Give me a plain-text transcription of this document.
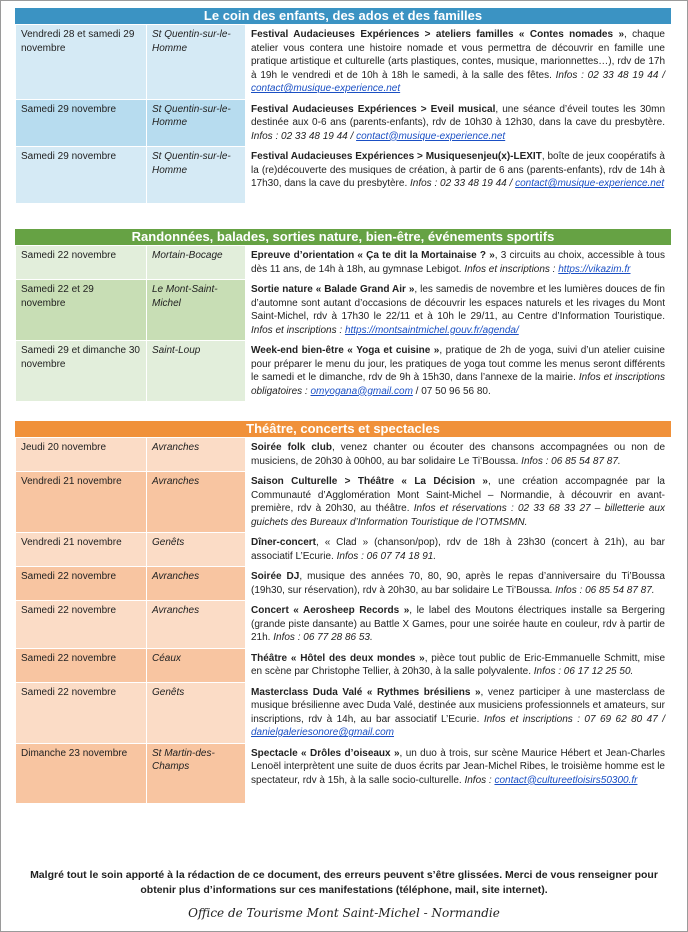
Le coin des enfants, des ados et des familles
Vendredi 28 et samedi 29 novembre	St Quentin-sur-le-Homme	Festival Audacieuses Expériences > ateliers familles « Contes nomades », chaque atelier vous contera une histoire nomade et vous permettra de découvrir en famille une pratique artistique et culturelle (arts plastiques, contes, musique, marionnettes…), rdv de 17h à 19h le vendredi et de 10h à 18h le samedi, à la salle des fêtes. Infos : 02 33 48 19 44 / contact@musique-experience.net
Samedi 29 novembre	St Quentin-sur-le-Homme	Festival Audacieuses Expériences > Eveil musical, une séance d’éveil toutes les 30mn destinée aux 0-6 ans (parents-enfants), rdv de 10h30 à 12h30, dans la cave du presbytère. Infos : 02 33 48 19 44 / contact@musique-experience.net
Samedi 29 novembre	St Quentin-sur-le-Homme	Festival Audacieuses Expériences > Musiquesenjeu(x)-LEXIT, boîte de jeux coopératifs à la (re)découverte des musiques de création, à partir de 6 ans (parents-enfants), rdv de 14h à 17h30, dans la cave du presbytère. Infos : 02 33 48 19 44 / contact@musique-experience.net
Randonnées, balades, sorties nature, bien-être, événements sportifs
Samedi 22 novembre	Mortain-Bocage	Epreuve d’orientation « Ça te dit la Mortainaise ? », 3 circuits au choix, accessible à tous dès 11 ans, de 14h à 18h, au gymnase Lebigot. Infos et inscriptions : https://vikazim.fr
Samedi 22 et 29 novembre	Le Mont-Saint-Michel	Sortie nature « Balade Grand Air », les samedis de novembre et les lumières douces de fin d’automne sont autant d’occasions de découvrir les espaces naturels et les rivages du Mont Saint-Michel, rdv à 17h30 le 22/11 et à 10h le 29/11, au Centre d’Information Touristique. Infos et inscriptions : https://montsaintmichel.gouv.fr/agenda/
Samedi 29 et dimanche 30 novembre	Saint-Loup	Week-end bien-être « Yoga et cuisine », pratique de 2h de yoga, suivi d’un atelier cuisine pour préparer le menu du jour, les pratiques de yoga tout comme les menus seront différents le samedi et le dimanche, rdv de 9h à 15h30, dans l’annexe de la mairie. Infos et inscriptions obligatoires : omyogana@gmail.com / 07 50 96 56 80.
Théâtre, concerts et spectacles
Jeudi 20 novembre	Avranches	Soirée folk club, venez chanter ou écouter des chansons accompagnées ou non de musiciens, de 20h30 à 00h00, au bar solidaire Le Ti’Boussa. Infos : 06 85 54 87 87.
Vendredi 21 novembre	Avranches	Saison Culturelle > Théâtre « La Décision », une création accompagnée par la Communauté d’Agglomération Mont Saint-Michel – Normandie, à découvrir en avant-première, rdv à 20h30, au théâtre. Infos et réservations : 02 33 68 33 27 – billetterie aux guichets des Bureaux d’Information Touristique de l’OTMSMN.
Vendredi 21 novembre	Genêts	Dîner-concert, « Clad » (chanson/pop), rdv de 18h à 23h30 (concert à 21h), au bar associatif L’Ecurie. Infos : 06 07 74 18 91.
Samedi 22 novembre	Avranches	Soirée DJ, musique des années 70, 80, 90, après le repas d’anniversaire du Ti’Boussa (19h30, sur réservation), rdv à 20h30, au bar solidaire Le Ti’Boussa. Infos : 06 85 54 87 87.
Samedi 22 novembre	Avranches	Concert « Aerosheep Records », le label des Moutons électriques installe sa Bergering (grande piste dansante) au Battle X Games, pour une soirée haute en couleur, rdv à partir de 21h. Infos : 06 77 28 86 53.
Samedi 22 novembre	Céaux	Théâtre « Hôtel des deux mondes », pièce tout public de Eric-Emmanuelle Schmitt, mise en scène par Christophe Tellier, à 20h30, à la salle polyvalente. Infos : 06 17 12 25 50.
Samedi 22 novembre	Genêts	Masterclass Duda Valé « Rythmes brésiliens », venez participer à une masterclass de musique brésilienne avec Duda Valé, destinée aux musiciens professionnels et amateurs, sur inscriptions, rdv à 14h, au bar associatif L’Ecurie. Infos et inscriptions : 07 69 62 80 47 / danielgaleriesonore@gmail.com
Dimanche 23 novembre	St Martin-des-Champs	Spectacle « Drôles d’oiseaux », un duo à trois, sur scène Maurice Hébert et Jean-Charles Lenoël interprètent une suite de duos écrits par Jean-Michel Ribes, le troisième homme est le spectateur, rdv à 15h, à la salle socio-culturelle. Infos : contact@cultureetloisirs50300.fr
Malgré tout le soin apporté à la rédaction de ce document, des erreurs peuvent s’être glissées. Merci de vous renseigner pour obtenir plus d’informations sur ces manifestations (téléphone, mail, site internet).
Office de Tourisme Mont Saint-Michel - Normandie
